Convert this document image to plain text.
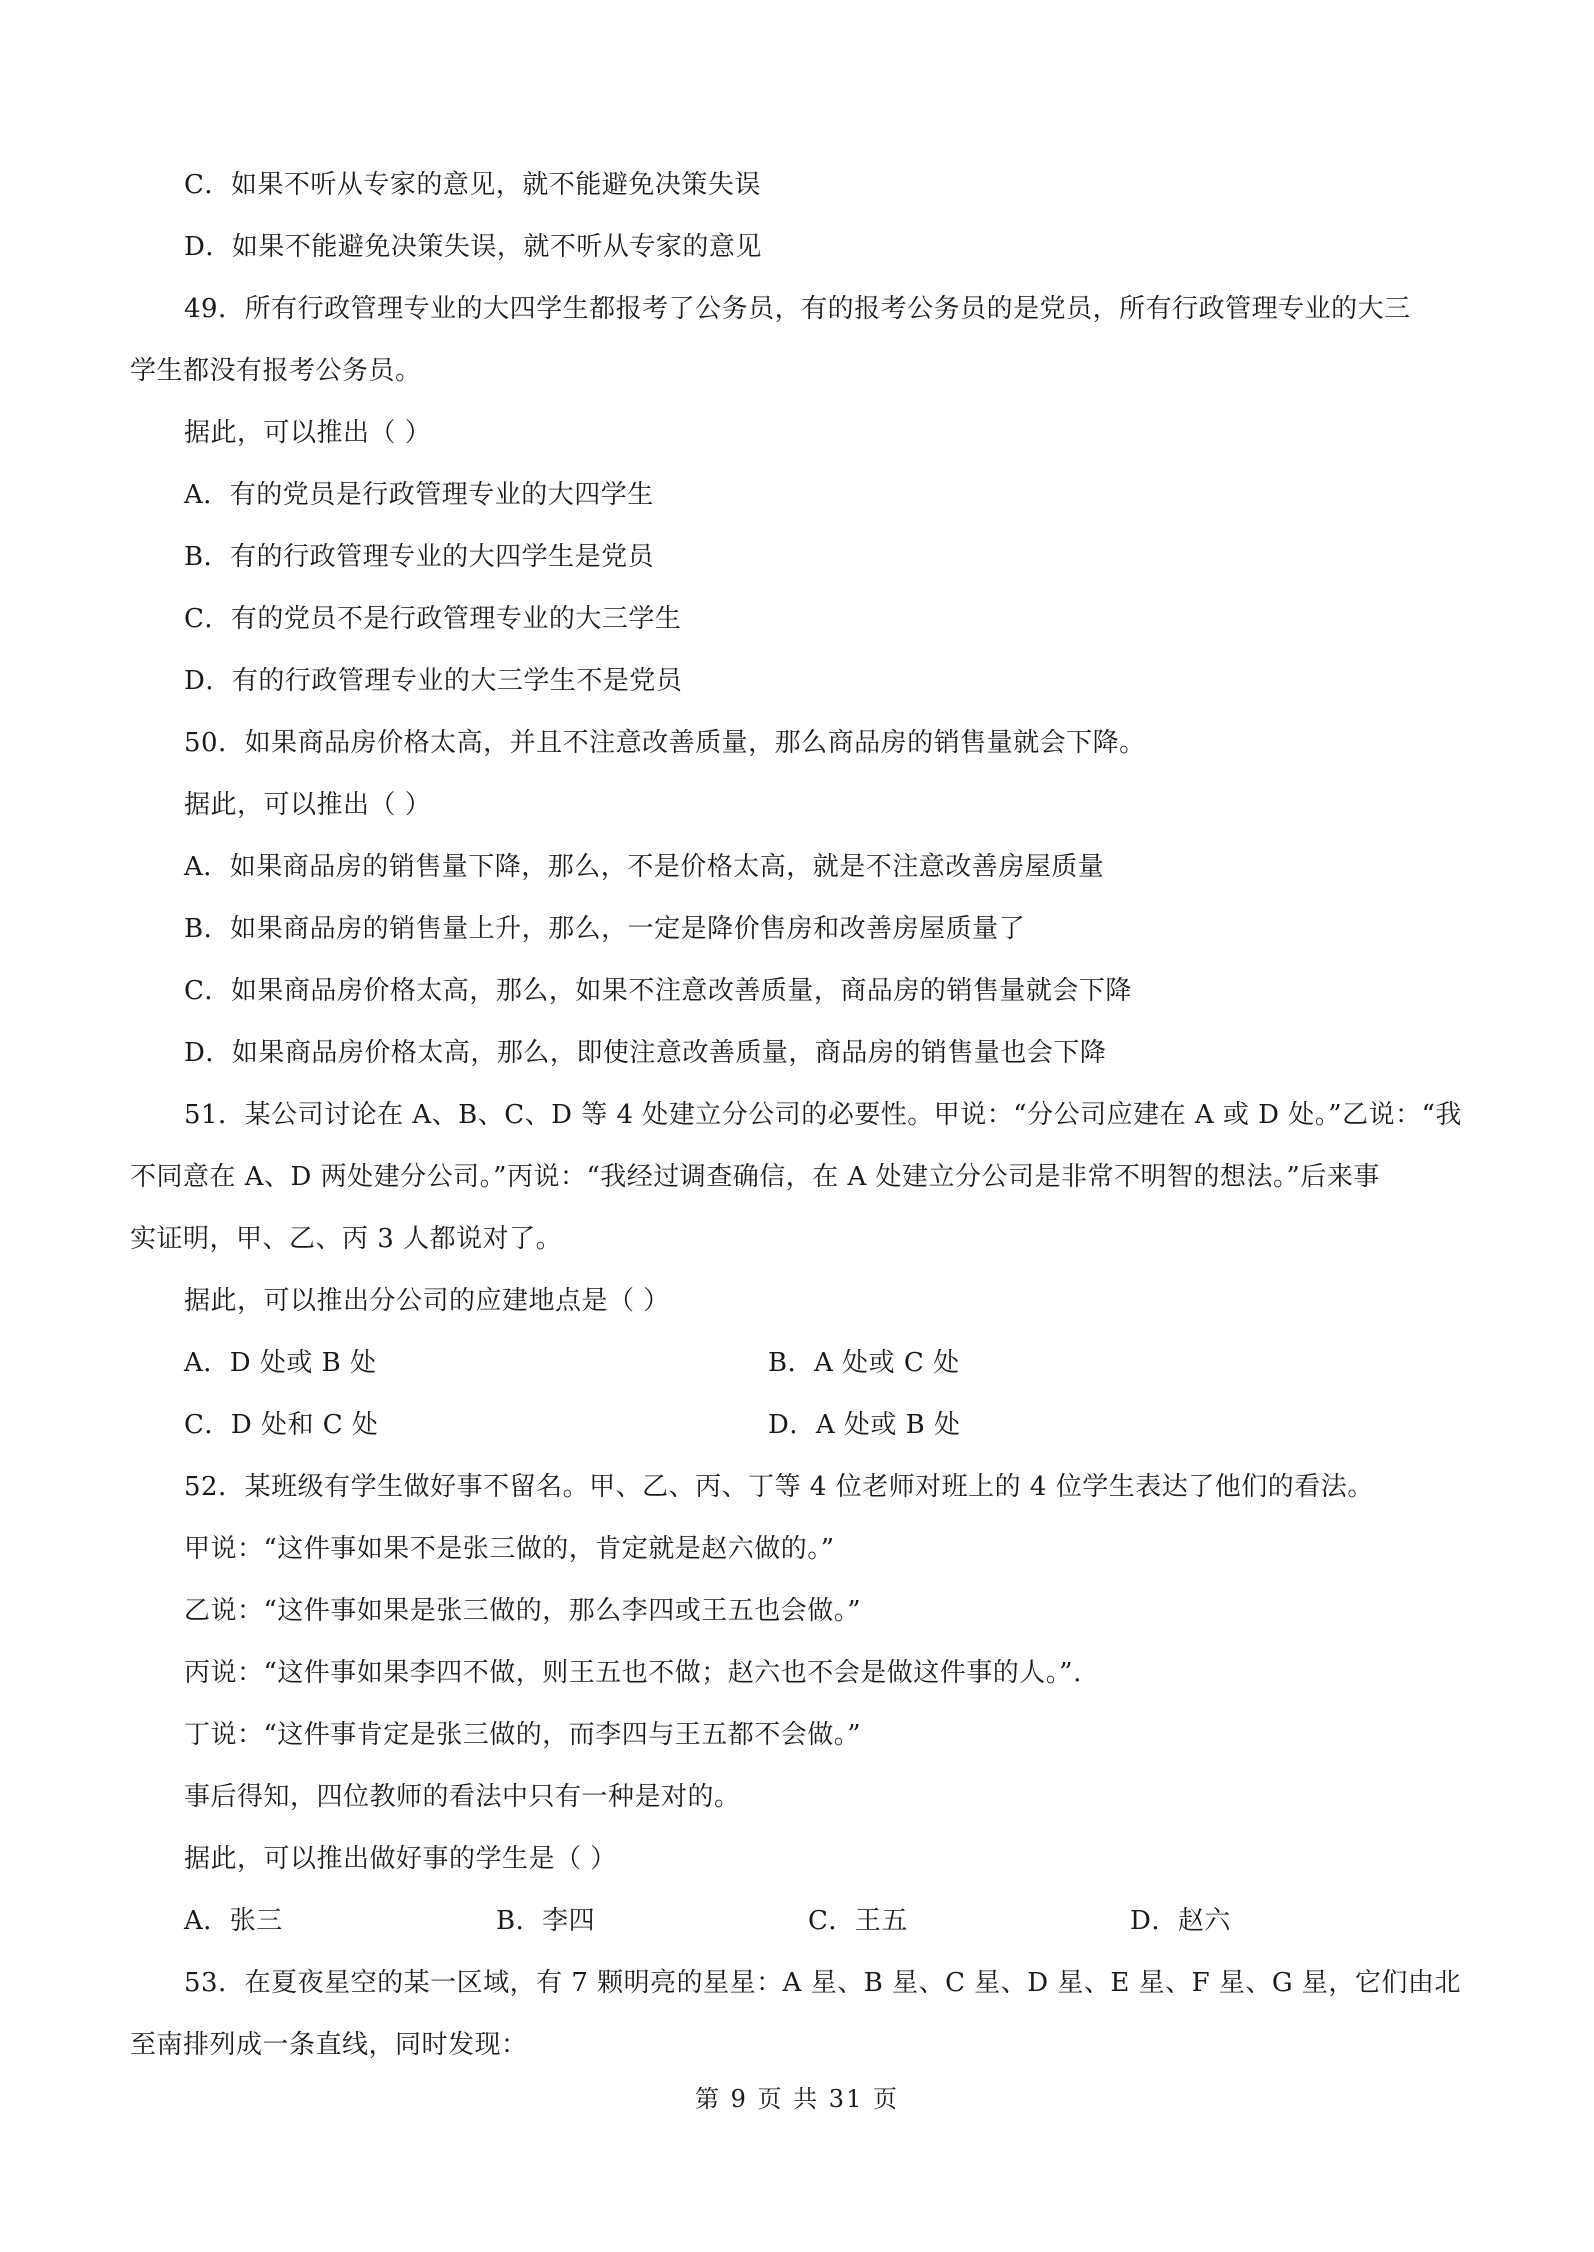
C．如果不听从专家的意见，就不能避免决策失误
D．如果不能避免决策失误，就不听从专家的意见
49．所有行政管理专业的大四学生都报考了公务员，有的报考公务员的是党员，所有行政管理专业的大三
学生都没有报考公务员。
据此，可以推出（ ）
A．有的党员是行政管理专业的大四学生
B．有的行政管理专业的大四学生是党员
C．有的党员不是行政管理专业的大三学生
D．有的行政管理专业的大三学生不是党员
50．如果商品房价格太高，并且不注意改善质量，那么商品房的销售量就会下降。
据此，可以推出（ ）
A．如果商品房的销售量下降，那么，不是价格太高，就是不注意改善房屋质量
B．如果商品房的销售量上升，那么，一定是降价售房和改善房屋质量了
C．如果商品房价格太高，那么，如果不注意改善质量，商品房的销售量就会下降
D．如果商品房价格太高，那么，即使注意改善质量，商品房的销售量也会下降
51．某公司讨论在 A、B、C、D 等 4 处建立分公司的必要性。甲说：“分公司应建在 A 或 D 处。”乙说：“我
不同意在 A、D 两处建分公司。”丙说：“我经过调查确信，在 A 处建立分公司是非常不明智的想法。”后来事
实证明，甲、乙、丙 3 人都说对了。
据此，可以推出分公司的应建地点是（ ）
A．D 处或 B 处	B．A 处或 C 处
C．D 处和 C 处	D．A 处或 B 处
52．某班级有学生做好事不留名。甲、乙、丙、丁等 4 位老师对班上的 4 位学生表达了他们的看法。
甲说：“这件事如果不是张三做的，肯定就是赵六做的。”
乙说：“这件事如果是张三做的，那么李四或王五也会做。”
丙说：“这件事如果李四不做，则王五也不做；赵六也不会是做这件事的人。”.
丁说：“这件事肯定是张三做的，而李四与王五都不会做。”
事后得知，四位教师的看法中只有一种是对的。
据此，可以推出做好事的学生是（ ）
A．张三	B．李四	C．王五	D．赵六
53．在夏夜星空的某一区域，有 7 颗明亮的星星：A 星、B 星、C 星、D 星、E 星、F 星、G 星，它们由北
至南排列成一条直线，同时发现：
第 9 页 共 31 页
